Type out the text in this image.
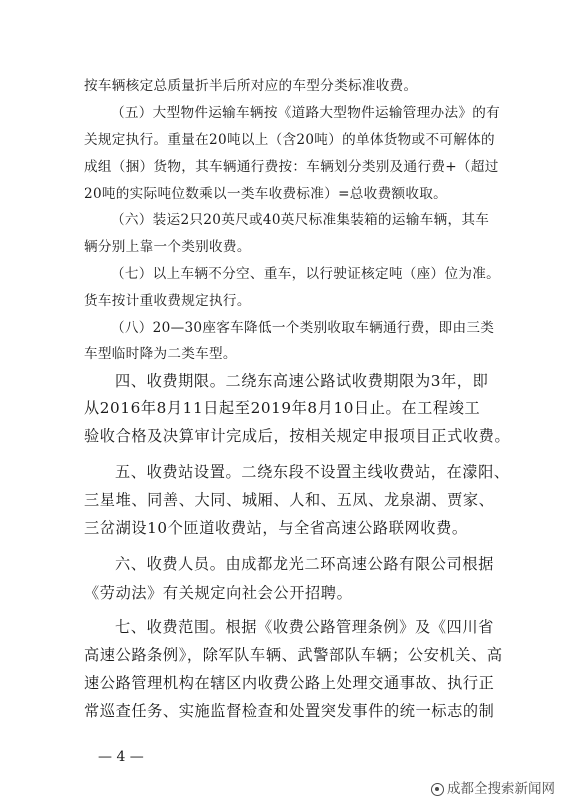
按车辆核定总质量折半后所对应的车型分类标准收费。
（五）大型物件运输车辆按《道路大型物件运输管理办法》的有
关规定执行。重量在20吨以上（含20吨）的单体货物或不可解体的
成组（捆）货物，其车辆通行费按：车辆划分类别及通行费+（超过
20吨的实际吨位数乘以一类车收费标准）=总收费额收取。
（六）装运2只20英尺或40英尺标准集装箱的运输车辆，其车
辆分别上靠一个类别收费。
（七）以上车辆不分空、重车，以行驶证核定吨（座）位为准。
货车按计重收费规定执行。
（八）20—30座客车降低一个类别收取车辆通行费，即由三类
车型临时降为二类车型。
四、收费期限。二绕东高速公路试收费期限为3年，即
从2016年8月11日起至2019年8月10日止。在工程竣工
验收合格及决算审计完成后，按相关规定申报项目正式收费。
五、收费站设置。二绕东段不设置主线收费站，在濛阳、
三星堆、同善、大同、城厢、人和、五凤、龙泉湖、贾家、
三岔湖设10个匝道收费站，与全省高速公路联网收费。
六、收费人员。由成都龙光二环高速公路有限公司根据
《劳动法》有关规定向社会公开招聘。
七、收费范围。根据《收费公路管理条例》及《四川省
高速公路条例》，除军队车辆、武警部队车辆；公安机关、高
速公路管理机构在辖区内收费公路上处理交通事故、执行正
常巡查任务、实施监督检查和处置突发事件的统一标志的制
— 4 —
成都全搜索新闻网
